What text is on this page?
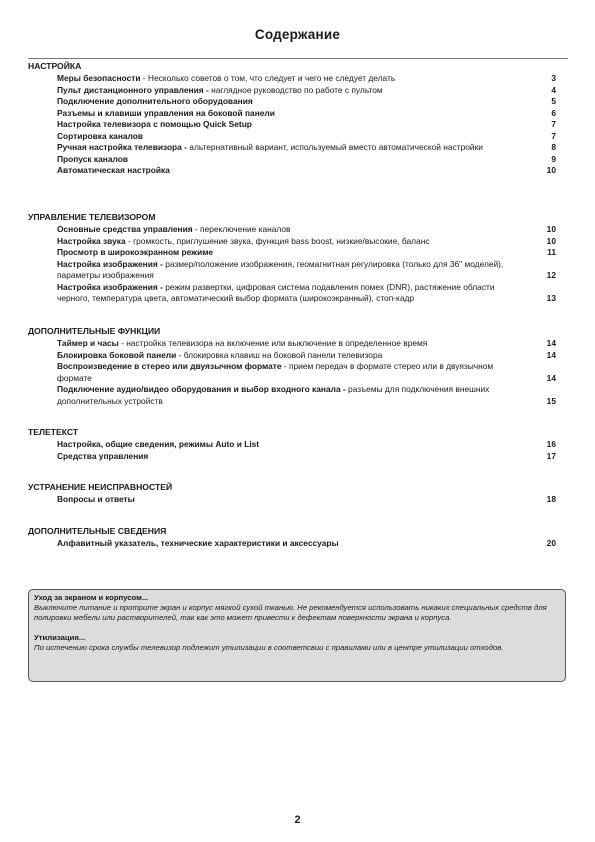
Содержание
НАСТРОЙКА
Меры безопасности - Несколько советов о том, что следует и чего не следует делать	3
Пульт дистанционного управления - наглядное руководство по работе с пультом	4
Подключение дополнительного оборудования	5
Разъемы и клавиши управления на боковой панели	6
Настройка телевизора с помощью Quick Setup	7
Сортировка каналов	7
Ручная настройка телевизора - альтернативный вариант, используемый вместо автоматической настройки	8
Пропуск каналов	9
Автоматическая настройка	10
УПРАВЛЕНИЕ ТЕЛЕВИЗОРОМ
Основные средства управления - переключение каналов	10
Настройка звука - громкость, приглушение звука, функция bass boost, низкие/высокие, баланс	10
Просмотр в широкоэкранном режиме	11
Настройка изображения - размер/положение изображения, геомагнитная регулировка (только для 36" моделей), параметры изображения	12
Настройка изображения - режим развертки, цифровая система подавления помех (DNR), растяжение области черного, температура цвета, автоматический выбор формата (широкоэкранный), стоп-кадр	13
ДОПОЛНИТЕЛЬНЫЕ ФУНКЦИИ
Таймер и часы - настройка телевизора на включение или выключение в определенное время	14
Блокировка боковой панели - блокировка клавиш на боковой панели телевизора	14
Воспроизведение в стерео или двуязычном формате - прием передач в формате стерео или в двуязычном формате	14
Подключение аудио/видео оборудования и выбор входного канала - разъемы для подключения внешних дополнительных устройств	15
ТЕЛЕТЕКСТ
Настройка, общие сведения, режимы Auto и List	16
Средства управления	17
УСТРАНЕНИЕ НЕИСПРАВНОСТЕЙ
Вопросы и ответы	18
ДОПОЛНИТЕЛЬНЫЕ СВЕДЕНИЯ
Алфавитный указатель, технические характеристики и аксессуары	20
Уход за экраном и корпусом...
Выключите питание и протрите экран и корпус мягкой сухой тканью. Не рекомендуется использовать никаких специальных средств для полировки мебели или растворителей, так как это может привести к дефектам поверхности экрана и корпуса.
Утилизация...
По истечению срока службы телевизор подлежит утилизации в соответсвии с правилами или в центре утилизации отходов.
2
